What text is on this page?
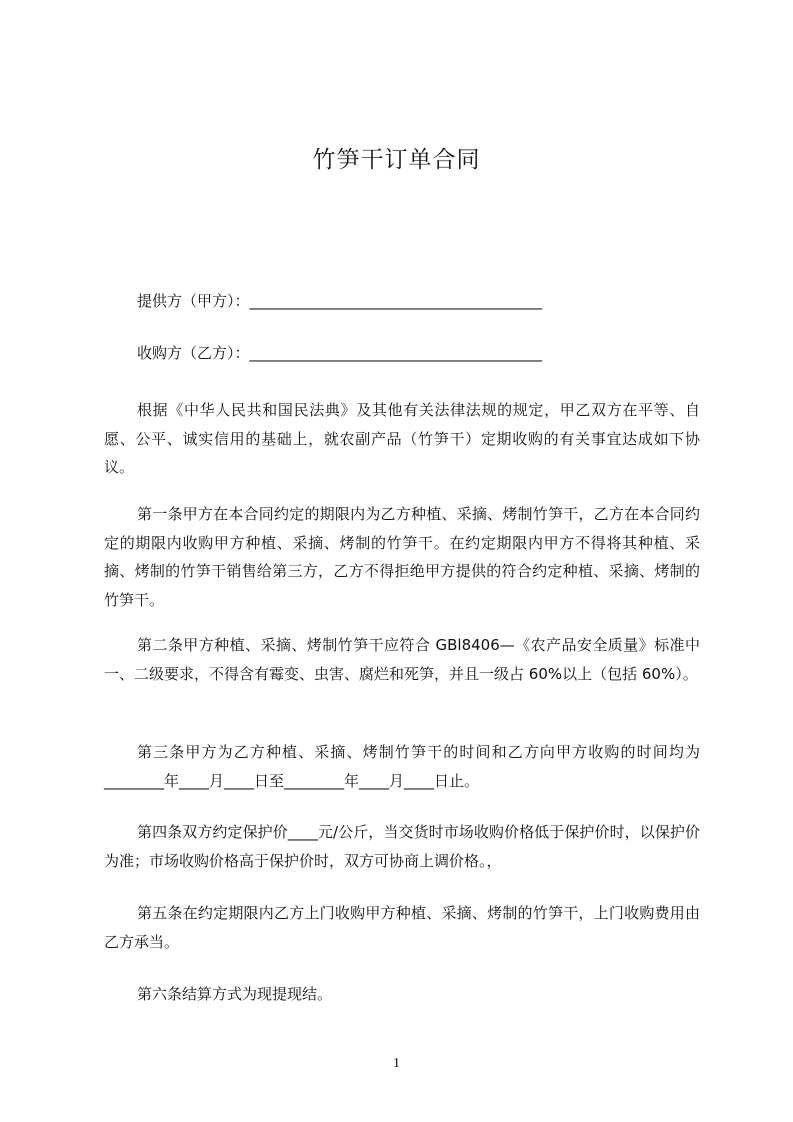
竹笋干订单合同
提供方（甲方）：_______________________________________
收购方（乙方）：_______________________________________
根据《中华人民共和国民法典》及其他有关法律法规的规定，甲乙双方在平等、自愿、公平、诚实信用的基础上，就农副产品（竹笋干）定期收购的有关事宜达成如下协议。
第一条甲方在本合同约定的期限内为乙方种植、采摘、烤制竹笋干，乙方在本合同约定的期限内收购甲方种植、采摘、烤制的竹笋干。在约定期限内甲方不得将其种植、采摘、烤制的竹笋干销售给第三方，乙方不得拒绝甲方提供的符合约定种植、采摘、烤制的竹笋干。
第二条甲方种植、采摘、烤制竹笋干应符合 GBl8406—《农产品安全质量》标准中一、二级要求，不得含有霉变、虫害、腐烂和死笋，并且一级占 60%以上（包括 60%）。
第三条甲方为乙方种植、采摘、烤制竹笋干的时间和乙方向甲方收购的时间均为________年____月____日至________年____月____日止。
第四条双方约定保护价____元/公斤，当交货时市场收购价格低于保护价时，以保护价为准；市场收购价格高于保护价时，双方可协商上调价格。，
第五条在约定期限内乙方上门收购甲方种植、采摘、烤制的竹笋干，上门收购费用由乙方承当。
第六条结算方式为现提现结。
1
